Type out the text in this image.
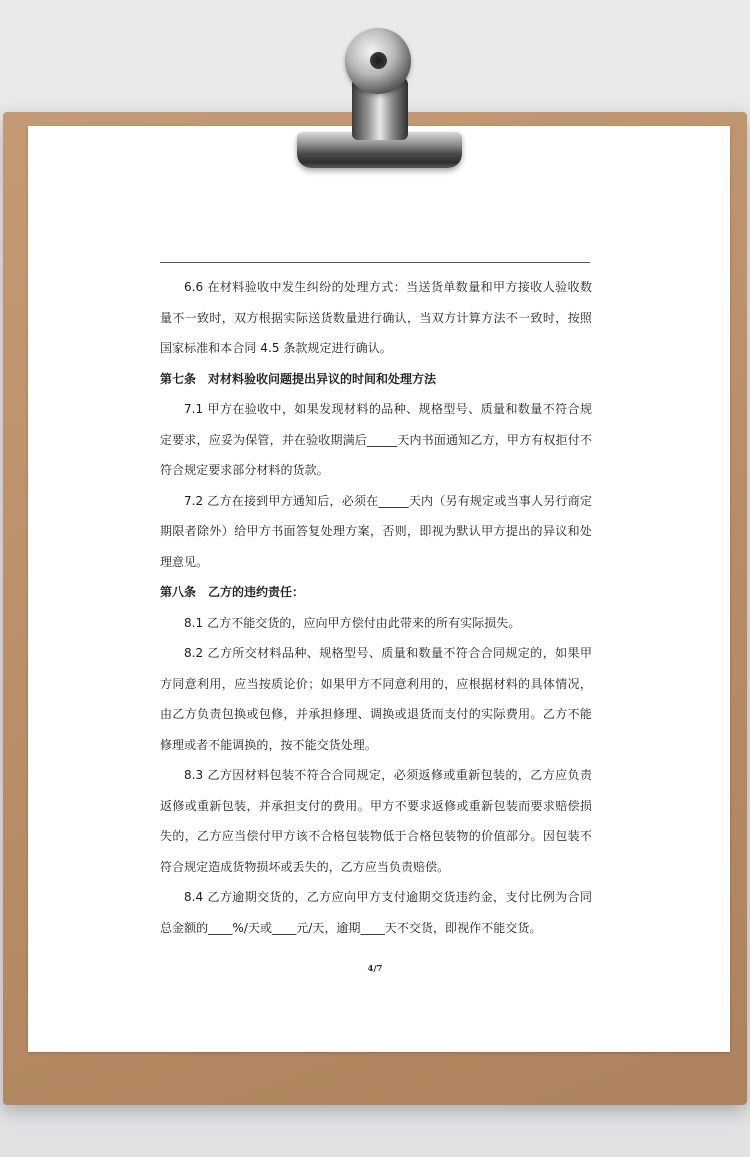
6.6 在材料验收中发生纠纷的处理方式：当送货单数量和甲方接收人验收数量不一致时，双方根据实际送货数量进行确认，当双方计算方法不一致时，按照国家标准和本合同 4.5 条款规定进行确认。

第七条　对材料验收问题提出异议的时间和处理方法

7.1 甲方在验收中，如果发现材料的品种、规格型号、质量和数量不符合规定要求，应妥为保管，并在验收期满后_____天内书面通知乙方，甲方有权拒付不符合规定要求部分材料的货款。

7.2 乙方在接到甲方通知后，必须在_____天内（另有规定或当事人另行商定期限者除外）给甲方书面答复处理方案，否则，即视为默认甲方提出的异议和处理意见。

第八条　乙方的违约责任：

8.1 乙方不能交货的，应向甲方偿付由此带来的所有实际损失。

8.2 乙方所交材料品种、规格型号、质量和数量不符合合同规定的，如果甲方同意利用，应当按质论价；如果甲方不同意利用的，应根据材料的具体情况，由乙方负责包换或包修，并承担修理、调换或退货而支付的实际费用。乙方不能修理或者不能调换的，按不能交货处理。

8.3 乙方因材料包装不符合合同规定，必须返修或重新包装的，乙方应负责返修或重新包装，并承担支付的费用。甲方不要求返修或重新包装而要求赔偿损失的，乙方应当偿付甲方该不合格包装物低于合格包装物的价值部分。因包装不符合规定造成货物损坏或丢失的，乙方应当负责赔偿。

8.4 乙方逾期交货的，乙方应向甲方支付逾期交货违约金，支付比例为合同总金额的____%/天或____元/天，逾期____天不交货，即视作不能交货。

4/7
